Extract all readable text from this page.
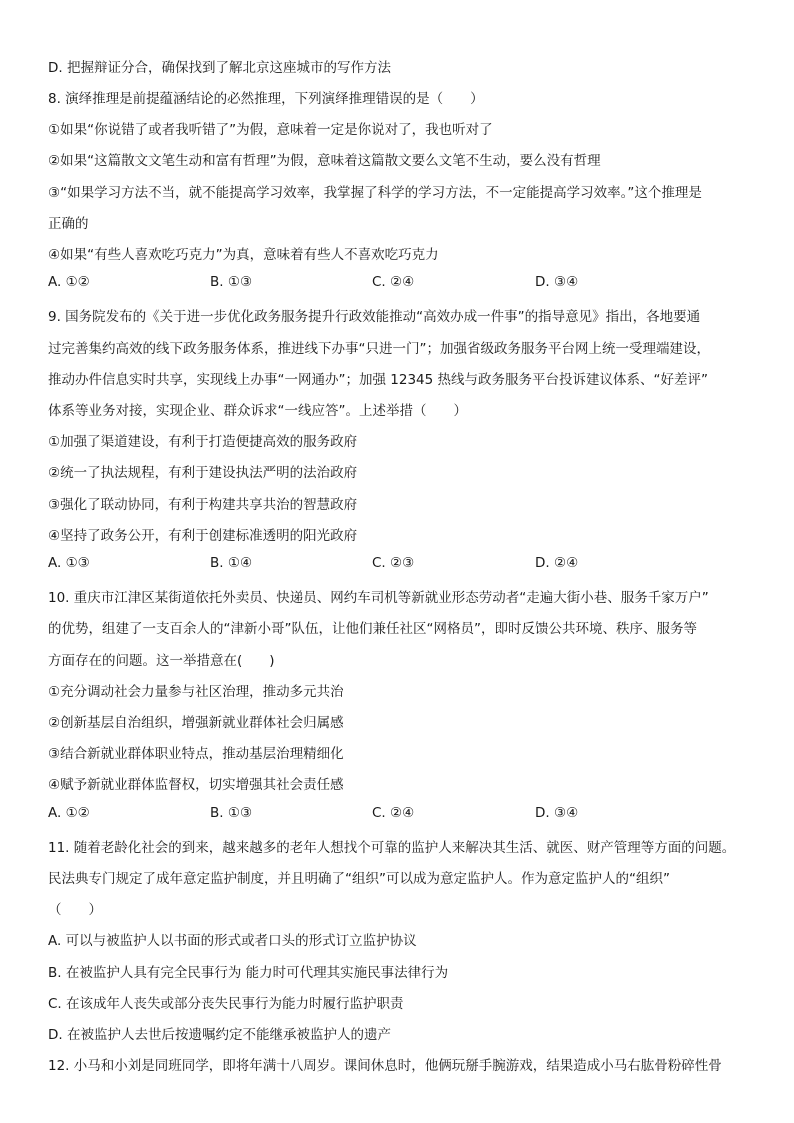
D. 把握辩证分合，确保找到了解北京这座城市的写作方法
8. 演绎推理是前提蕴涵结论的必然推理，下列演绎推理错误的是（　　）
①如果“你说错了或者我听错了”为假，意味着一定是你说对了，我也听对了
②如果“这篇散文文笔生动和富有哲理”为假，意味着这篇散文要么文笔不生动，要么没有哲理
③“如果学习方法不当，就不能提高学习效率，我掌握了科学的学习方法，不一定能提高学习效率。”这个推理是
正确的
④如果“有些人喜欢吃巧克力”为真，意味着有些人不喜欢吃巧克力
A. ①②	B. ①③	C. ②④	D. ③④
9. 国务院发布的《关于进一步优化政务服务提升行政效能推动“高效办成一件事”的指导意见》指出，各地要通
过完善集约高效的线下政务服务体系，推进线下办事“只进一门”；加强省级政务服务平台网上统一受理端建设，
推动办件信息实时共享，实现线上办事“一网通办”；加强 12345 热线与政务服务平台投诉建议体系、“好差评”
体系等业务对接，实现企业、群众诉求“一线应答”。上述举措（　　）
①加强了渠道建设，有利于打造便捷高效的服务政府
②统一了执法规程，有利于建设执法严明的法治政府
③强化了联动协同，有利于构建共享共治的智慧政府
④坚持了政务公开，有利于创建标准透明的阳光政府
A. ①③	B. ①④	C. ②③	D. ②④
10. 重庆市江津区某街道依托外卖员、快递员、网约车司机等新就业形态劳动者“走遍大街小巷、服务千家万户”
的优势，组建了一支百余人的“津新小哥”队伍，让他们兼任社区“网格员”，即时反馈公共环境、秩序、服务等
方面存在的问题。这一举措意在(　　)
①充分调动社会力量参与社区治理，推动多元共治
②创新基层自治组织，增强新就业群体社会归属感
③结合新就业群体职业特点，推动基层治理精细化
④赋予新就业群体监督权，切实增强其社会责任感
A. ①②	B. ①③	C. ②④	D. ③④
11. 随着老龄化社会的到来，越来越多的老年人想找个可靠的监护人来解决其生活、就医、财产管理等方面的问题。
民法典专门规定了成年意定监护制度，并且明确了“组织”可以成为意定监护人。作为意定监护人的“组织”
（　　）
A. 可以与被监护人以书面的形式或者口头的形式订立监护协议
B. 在被监护人具有完全民事行为 能力时可代理其实施民事法律行为
C. 在该成年人丧失或部分丧失民事行为能力时履行监护职责
D. 在被监护人去世后按遗嘱约定不能继承被监护人的遗产
12. 小马和小刘是同班同学，即将年满十八周岁。课间休息时，他俩玩掰手腕游戏，结果造成小马右肱骨粉碎性骨
